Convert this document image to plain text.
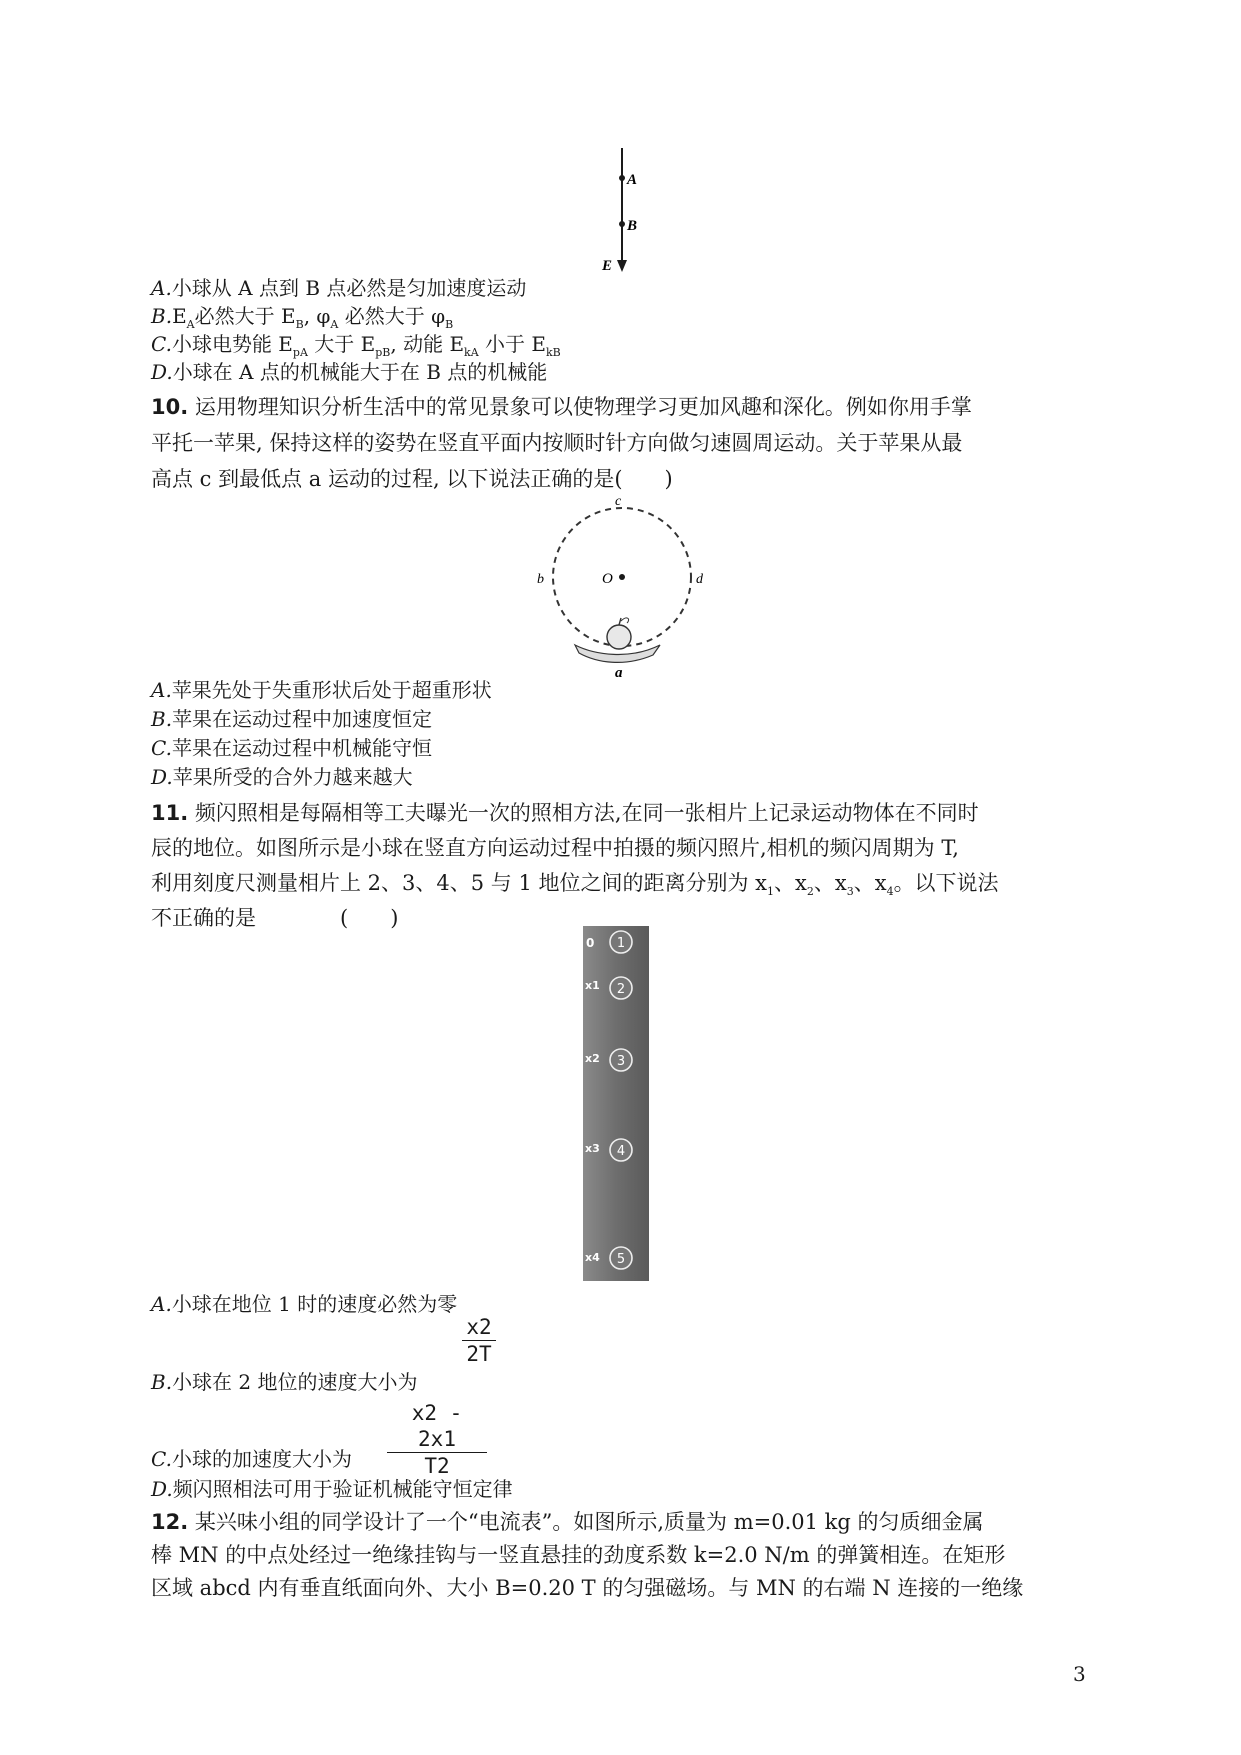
A
B
E
A.小球从 A 点到 B 点必然是匀加速度运动
$B.E_A$必然大于 $E_B$, $\varphi_A$ 必然大于 $\varphi_B$
C.小球电势能 $E_{pA}$ 大于 $E_{pB}$, 动能 $E_{kA}$ 小于 $E_{kB}$
D.小球在 A 点的机械能大于在 B 点的机械能
10. 运用物理知识分析生活中的常见景象可以使物理学习更加风趣和深化。例如你用手掌
平托一苹果, 保持这样的姿势在竖直平面内按顺时针方向做匀速圆周运动。关于苹果从最
高点 c 到最低点 a 运动的过程, 以下说法正确的是(　　)
O
c
b	d
a
A.苹果先处于失重形状后处于超重形状
B.苹果在运动过程中加速度恒定
C.苹果在运动过程中机械能守恒
D.苹果所受的合外力越来越大
11. 频闪照相是每隔相等工夫曝光一次的照相方法,在同一张相片上记录运动物体在不同时
辰的地位。如图所示是小球在竖直方向运动过程中拍摄的频闪照片,相机的频闪周期为 T,
利用刻度尺测量相片上 2、3、4、5 与 1 地位之间的距离分别为 $x_1$、$x_2$、$x_3$、$x_4$。以下说法
不正确的是　　　　(　　)
0 1
x1 2
x2 3
x3 4
x4 5
A.小球在地位 1 时的速度必然为零
x2
2T
B.小球在 2 地位的速度大小为
x2 - 2x1
T2
C.小球的加速度大小为
D.频闪照相法可用于验证机械能守恒定律
12. 某兴味小组的同学设计了一个“电流表”。如图所示,质量为 m=0.01 kg 的匀质细金属
棒 MN 的中点处经过一绝缘挂钩与一竖直悬挂的劲度系数 k=2.0 N/m 的弹簧相连。在矩形
区域 abcd 内有垂直纸面向外、大小 B=0.20 T 的匀强磁场。与 MN 的右端 N 连接的一绝缘
3
